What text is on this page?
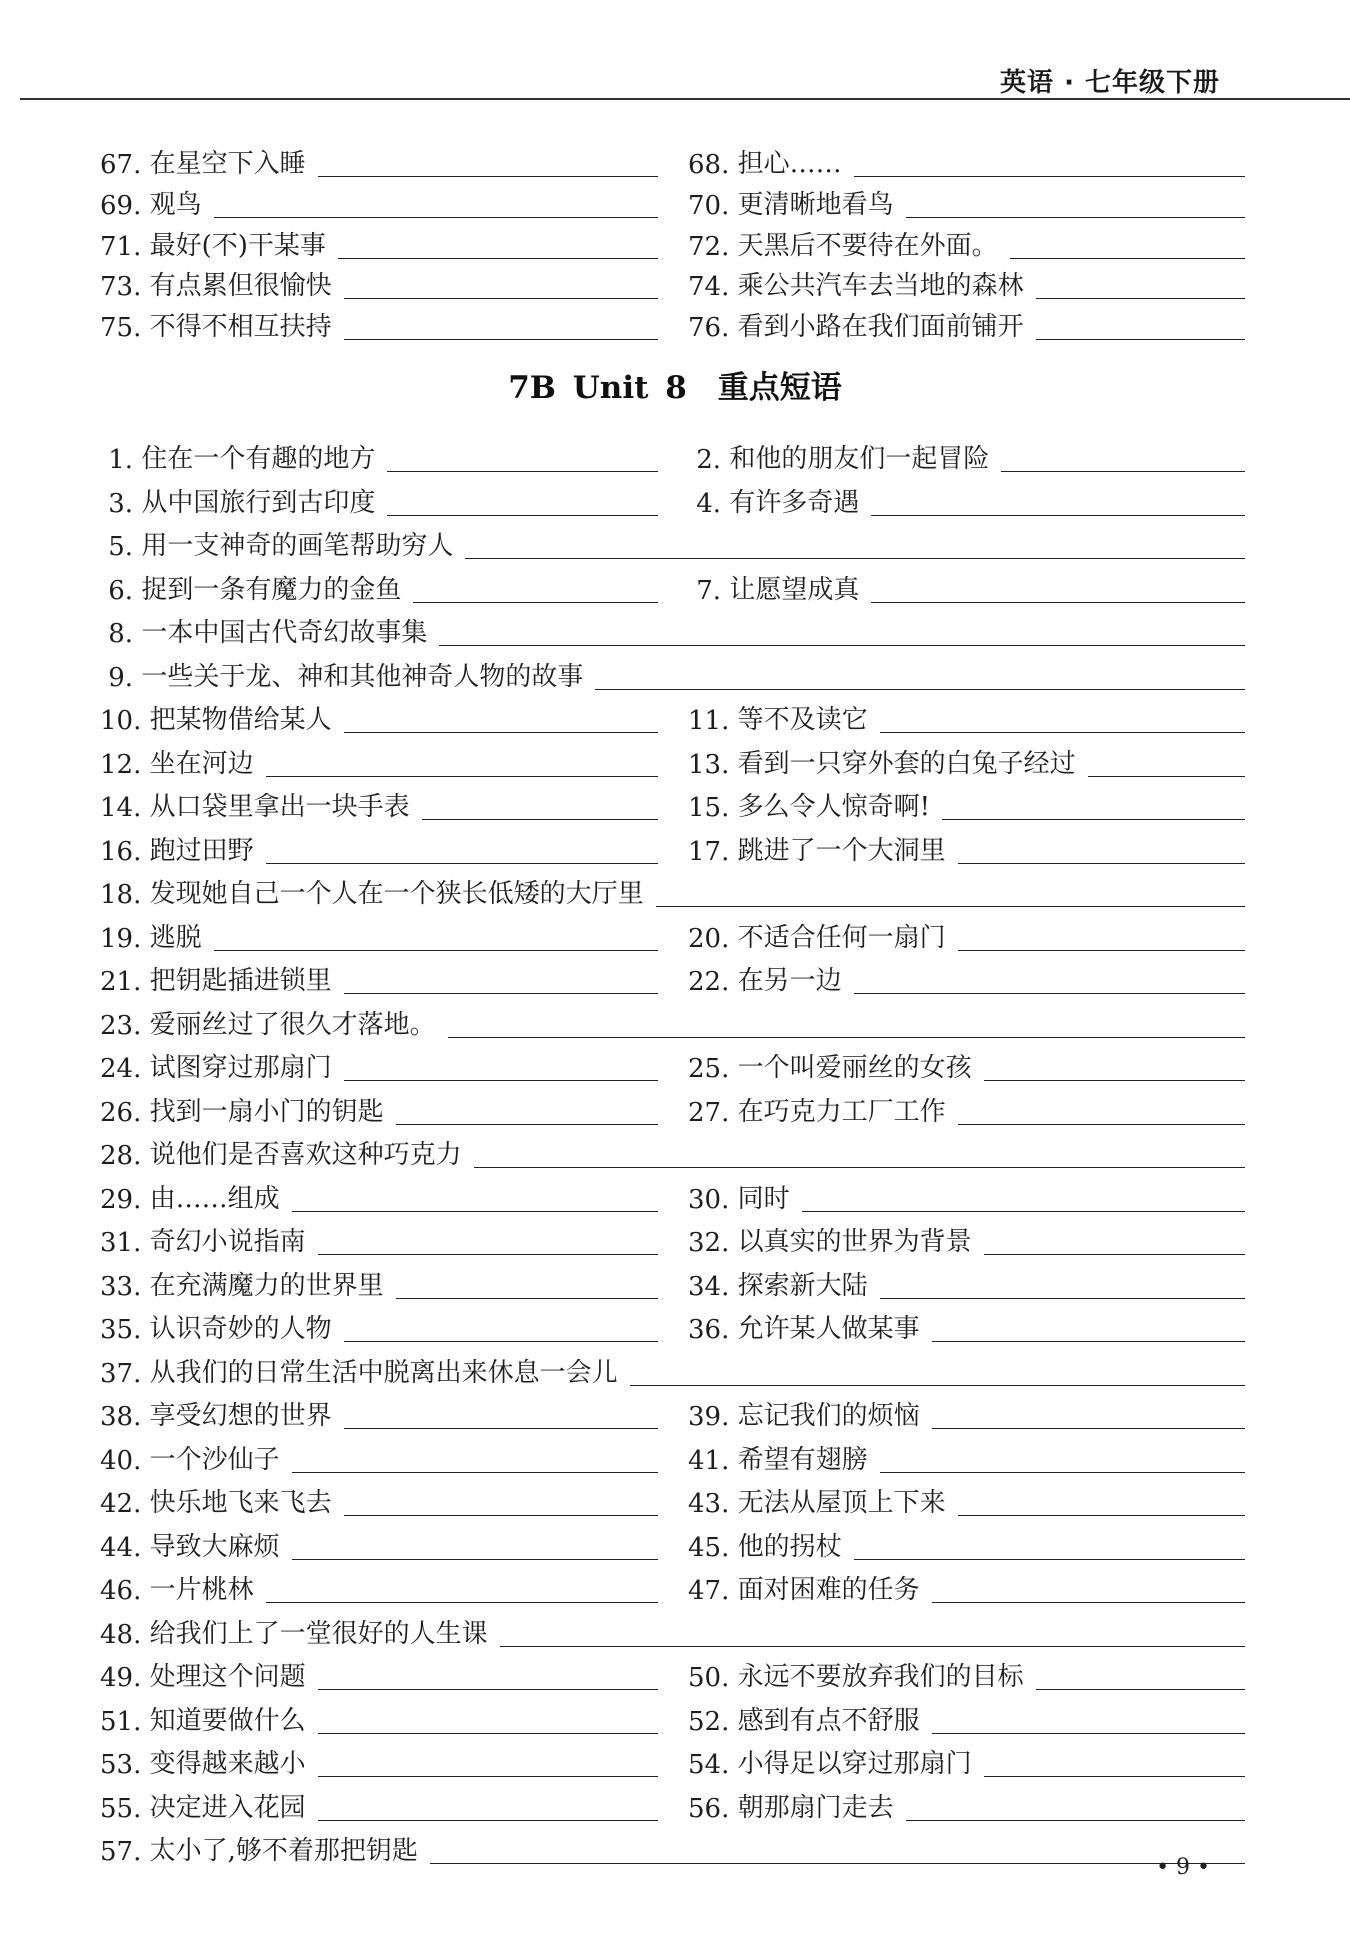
英语 · 七年级下册
7B Unit 8　重点短语
67. 在星空下入睡	68. 担心……
69. 观鸟	70. 更清晰地看鸟
71. 最好(不)干某事	72. 天黑后不要待在外面。
73. 有点累但很愉快	74. 乘公共汽车去当地的森林
75. 不得不相互扶持	76. 看到小路在我们面前铺开
1. 住在一个有趣的地方	2. 和他的朋友们一起冒险
3. 从中国旅行到古印度	4. 有许多奇遇
5. 用一支神奇的画笔帮助穷人
6. 捉到一条有魔力的金鱼	7. 让愿望成真
8. 一本中国古代奇幻故事集
9. 一些关于龙、神和其他神奇人物的故事
10. 把某物借给某人	11. 等不及读它
12. 坐在河边	13. 看到一只穿外套的白兔子经过
14. 从口袋里拿出一块手表	15. 多么令人惊奇啊!
16. 跑过田野	17. 跳进了一个大洞里
18. 发现她自己一个人在一个狭长低矮的大厅里
19. 逃脱	20. 不适合任何一扇门
21. 把钥匙插进锁里	22. 在另一边
23. 爱丽丝过了很久才落地。
24. 试图穿过那扇门	25. 一个叫爱丽丝的女孩
26. 找到一扇小门的钥匙	27. 在巧克力工厂工作
28. 说他们是否喜欢这种巧克力
29. 由……组成	30. 同时
31. 奇幻小说指南	32. 以真实的世界为背景
33. 在充满魔力的世界里	34. 探索新大陆
35. 认识奇妙的人物	36. 允许某人做某事
37. 从我们的日常生活中脱离出来休息一会儿
38. 享受幻想的世界	39. 忘记我们的烦恼
40. 一个沙仙子	41. 希望有翅膀
42. 快乐地飞来飞去	43. 无法从屋顶上下来
44. 导致大麻烦	45. 他的拐杖
46. 一片桃林	47. 面对困难的任务
48. 给我们上了一堂很好的人生课
49. 处理这个问题	50. 永远不要放弃我们的目标
51. 知道要做什么	52. 感到有点不舒服
53. 变得越来越小	54. 小得足以穿过那扇门
55. 决定进入花园	56. 朝那扇门走去
57. 太小了,够不着那把钥匙
• 9 •
